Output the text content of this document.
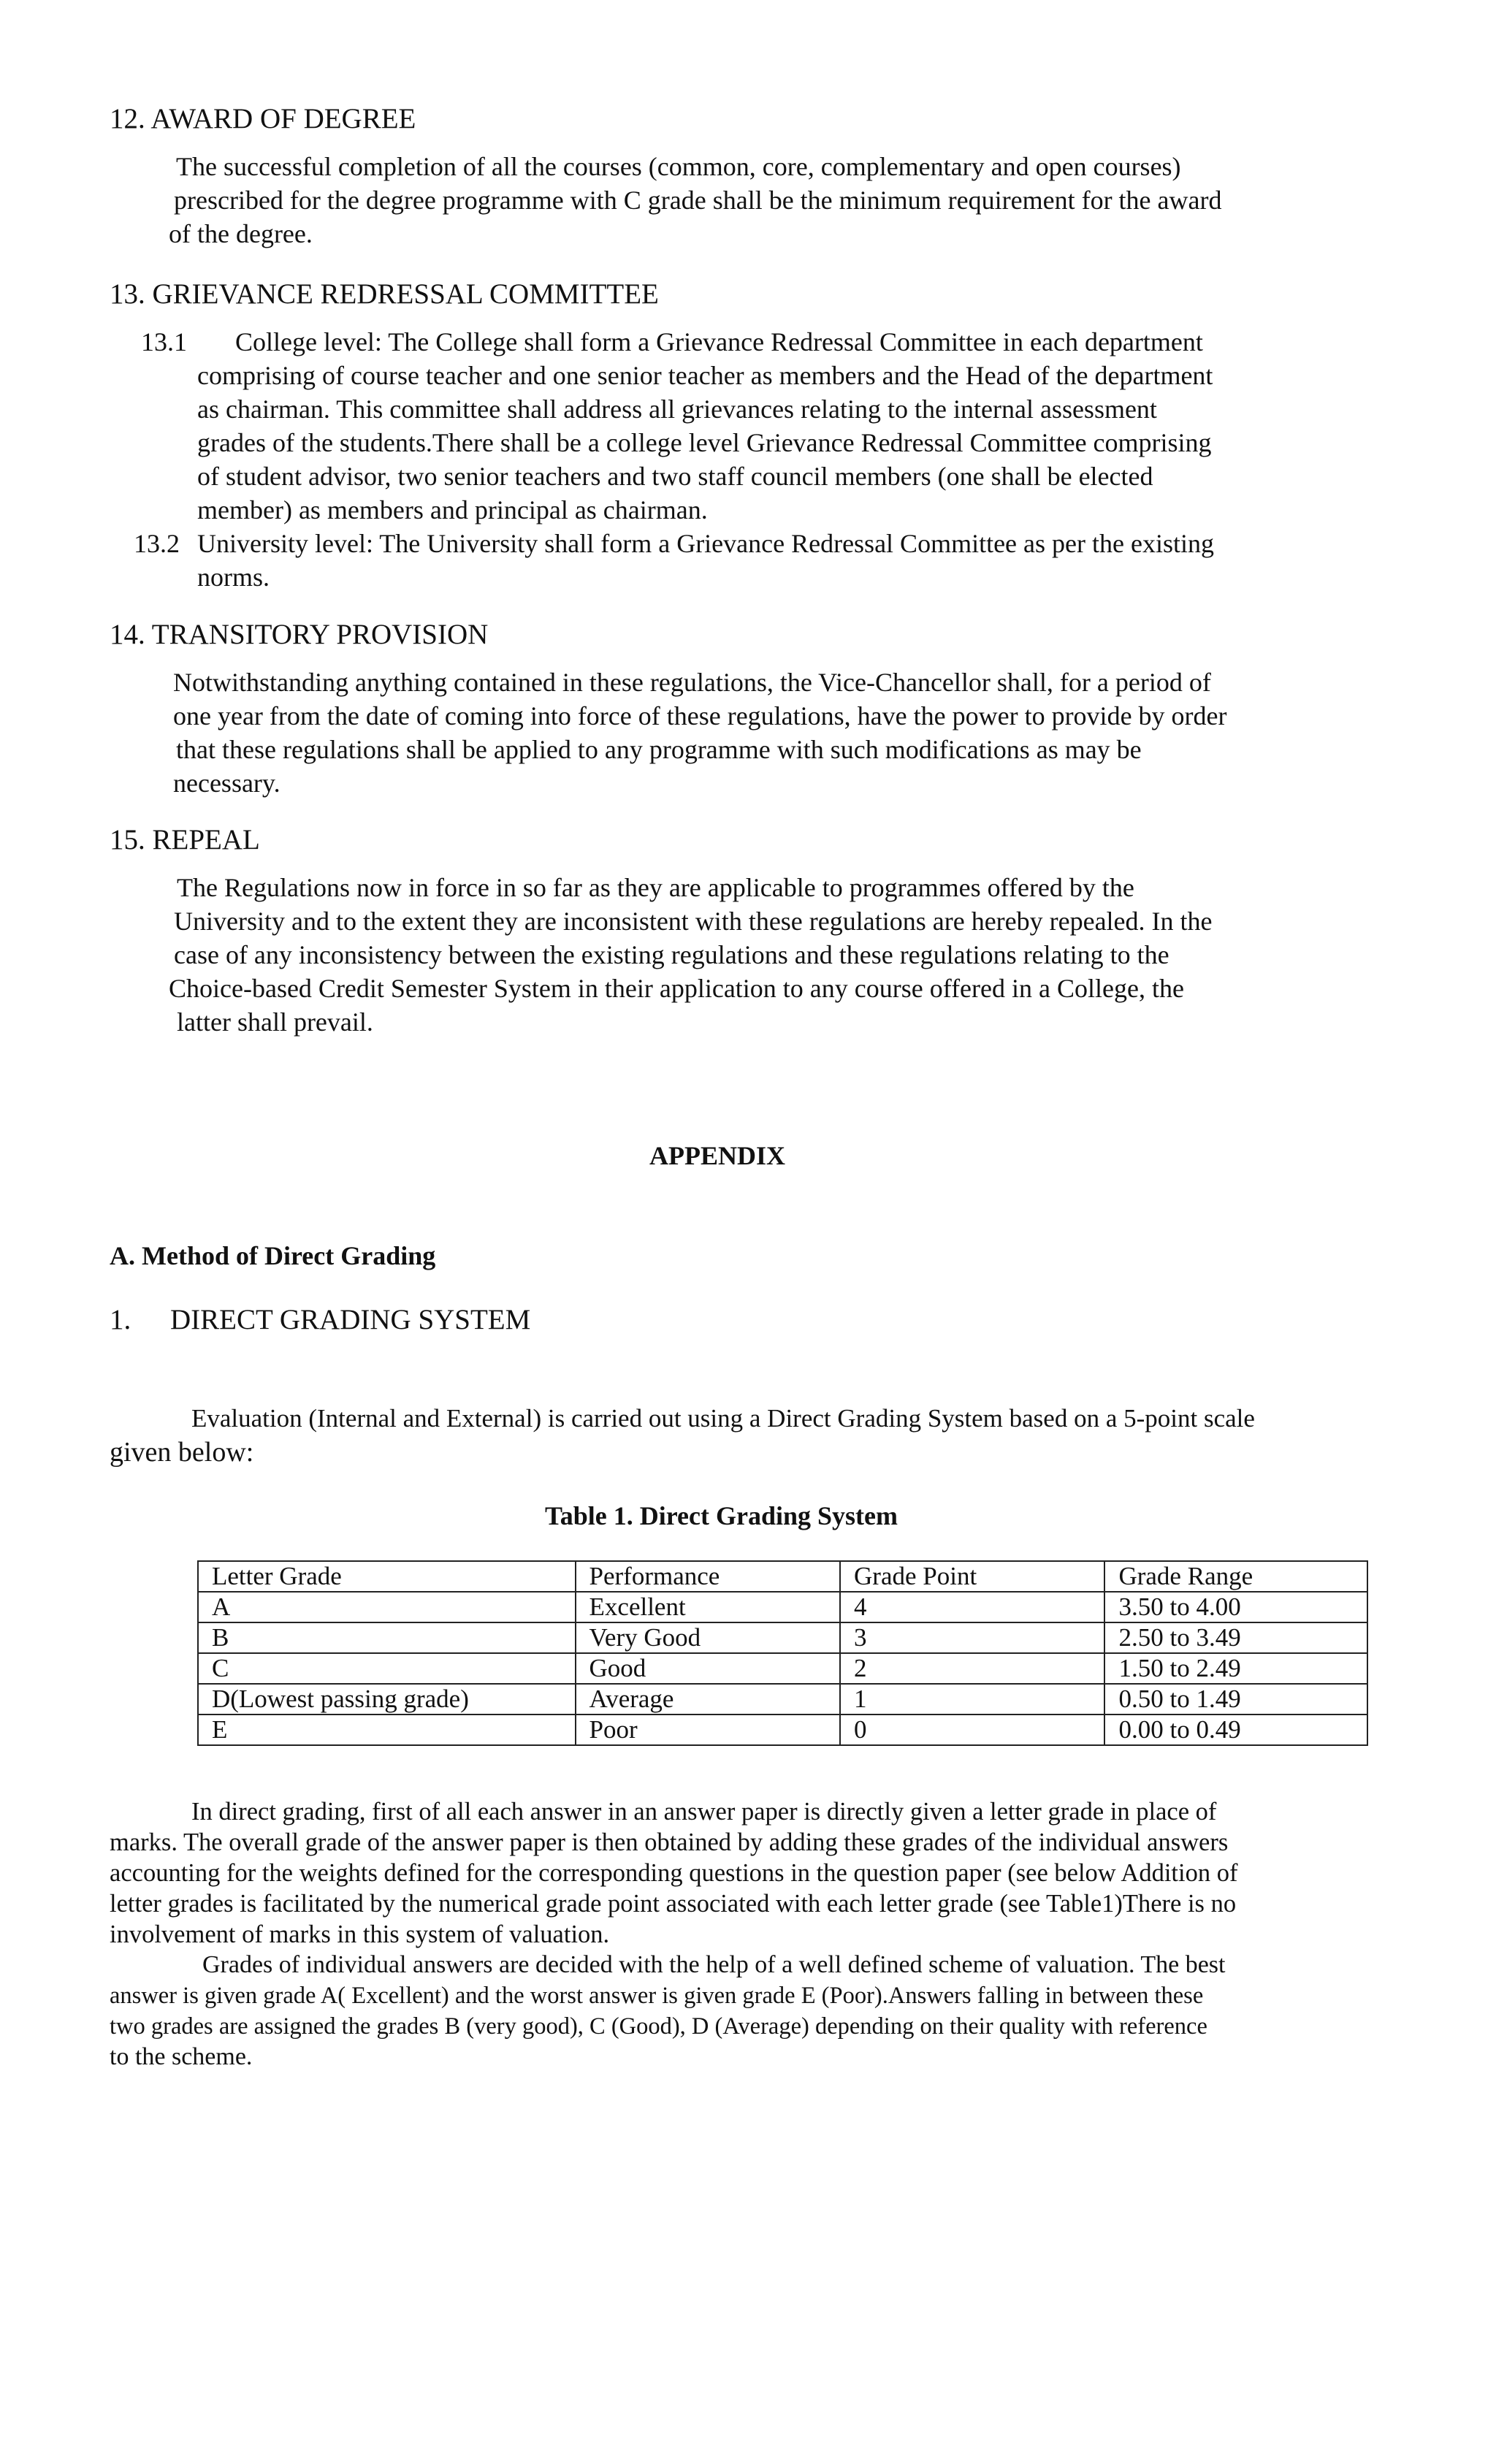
12. AWARD OF DEGREE
The successful completion of all the courses (common, core, complementary and open courses)
prescribed for the degree programme with C grade shall be the minimum requirement for the award
of the degree.
13. GRIEVANCE REDRESSAL COMMITTEE
13.1 College level: The College shall form a Grievance Redressal Committee in each department
comprising of course teacher and one senior teacher as members and the Head of the department
as chairman. This committee shall address all grievances relating to the internal assessment
grades of the students.There shall be a college level Grievance Redressal Committee comprising
of student advisor, two senior teachers and two staff council members (one shall be elected
member) as members and principal as chairman.
13.2 University level: The University shall form a Grievance Redressal Committee as per the existing
norms.
14. TRANSITORY PROVISION
Notwithstanding anything contained in these regulations, the Vice-Chancellor shall, for a period of
one year from the date of coming into force of these regulations, have the power to provide by order
that these regulations shall be applied to any programme with such modifications as may be
necessary.
15. REPEAL
The Regulations now in force in so far as they are applicable to programmes offered by the
University and to the extent they are inconsistent with these regulations are hereby repealed. In the
case of any inconsistency between the existing regulations and these regulations relating to the
Choice-based Credit Semester System in their application to any course offered in a College, the
latter shall prevail.
APPENDIX
A. Method of Direct Grading
1. DIRECT GRADING SYSTEM
Evaluation (Internal and External) is carried out using a Direct Grading System based on a 5-point scale
given below:
Table 1. Direct Grading System
Letter Grade	Performance	Grade Point	Grade Range
A	Excellent	4	3.50 to 4.00
B	Very Good	3	2.50 to 3.49
C	Good	2	1.50 to 2.49
D(Lowest passing grade)	Average	1	0.50 to 1.49
E	Poor	0	0.00 to 0.49
In direct grading, first of all each answer in an answer paper is directly given a letter grade in place of
marks. The overall grade of the answer paper is then obtained by adding these grades of the individual answers
accounting for the weights defined for the corresponding questions in the question paper (see below Addition of
letter grades is facilitated by the numerical grade point associated with each letter grade (see Table1)There is no
involvement of marks in this system of valuation.
Grades of individual answers are decided with the help of a well defined scheme of valuation. The best
answer is given grade A( Excellent) and the worst answer is given grade E (Poor).Answers falling in between these
two grades are assigned the grades B (very good), C (Good), D (Average) depending on their quality with reference
to the scheme.
